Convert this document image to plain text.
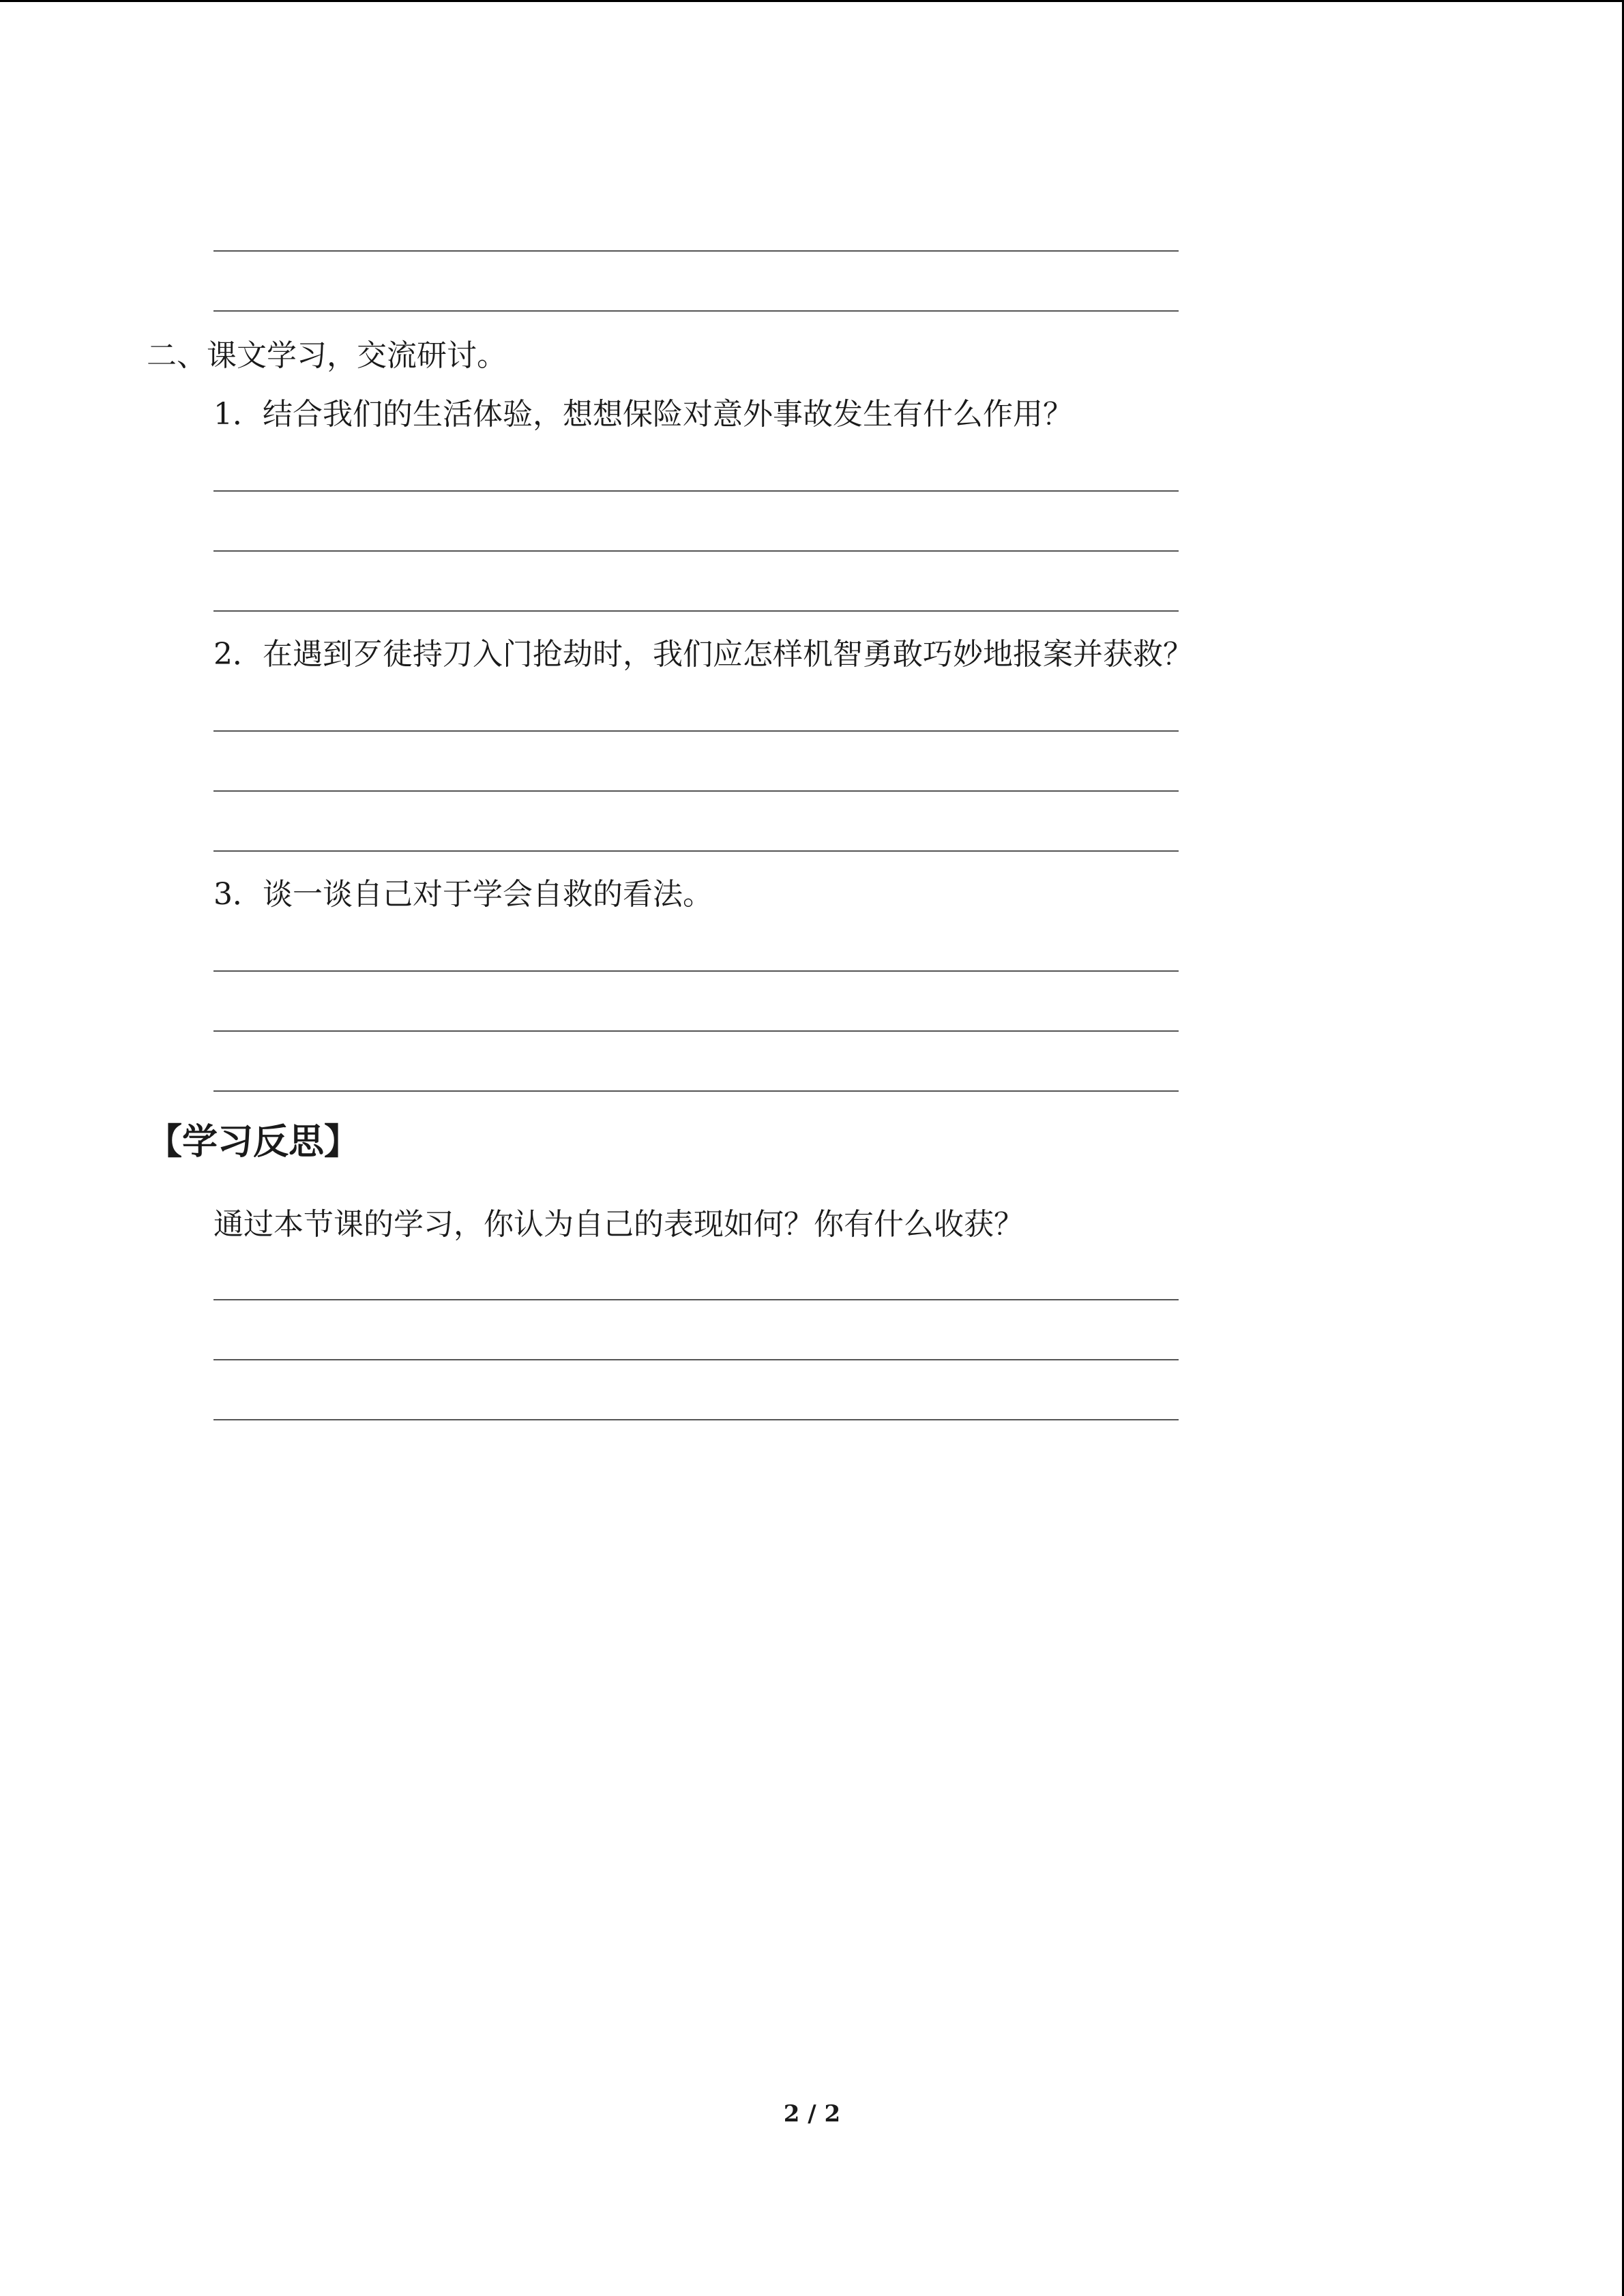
二、课文学习，交流研讨。
1．结合我们的生活体验，想想保险对意外事故发生有什么作用？
2．在遇到歹徒持刀入门抢劫时，我们应怎样机智勇敢巧妙地报案并获救？
3．谈一谈自己对于学会自救的看法。
【学习反思】
通过本节课的学习，你认为自己的表现如何？你有什么收获？
2 / 2
